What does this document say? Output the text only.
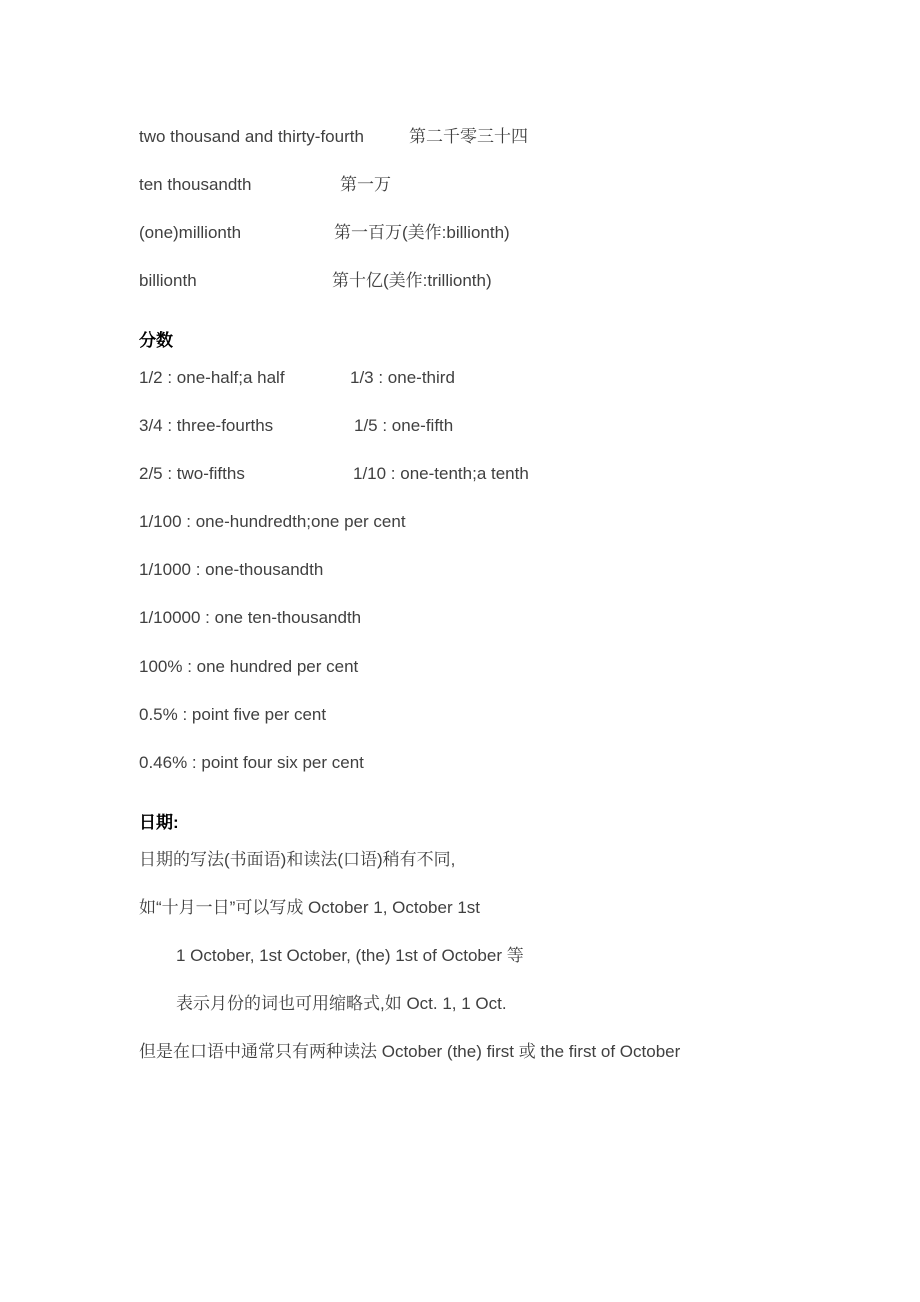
two thousand and thirty-fourth	第二千零三十四
ten thousandth	第一万
(one)millionth	第一百万(美作:billionth)
billionth	第十亿(美作:trillionth)
分数
1/2 : one-half;a half	1/3 : one-third
3/4 : three-fourths	1/5 : one-fifth
2/5 : two-fifths	1/10 : one-tenth;a tenth
1/100 : one-hundredth;one per cent
1/1000 : one-thousandth
1/10000 : one ten-thousandth
100% : one hundred per cent
0.5% : point five per cent
0.46% : point four six per cent
日期:
日期的写法(书面语)和读法(口语)稍有不同,
如“十月一日”可以写成 October 1, October 1st
1 October, 1st October, (the) 1st of October 等
表示月份的词也可用缩略式,如 Oct. 1, 1 Oct.
但是在口语中通常只有两种读法 October (the) first 或 the first of October
